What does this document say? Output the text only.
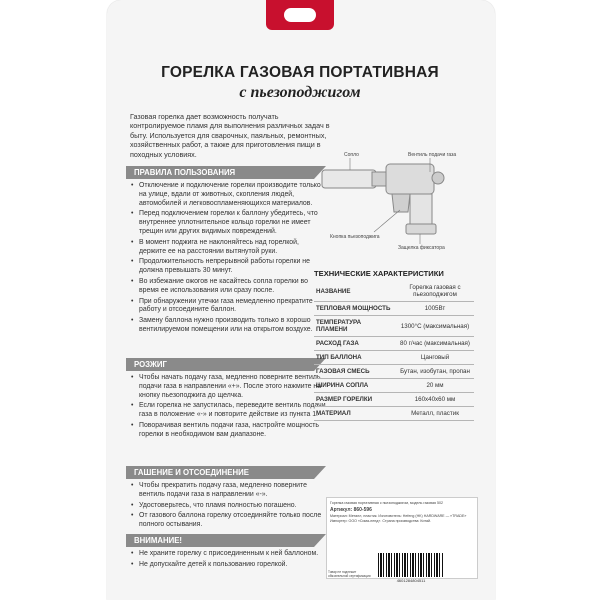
ГОРЕЛКА ГАЗОВАЯ ПОРТАТИВНАЯ
с пьезоподжигом
Газовая горелка дает возможность получать контролируемое пламя для выполнения различных задач в быту. Используется для сварочных, паяльных, ремонтных, хозяйственных работ, а также для приготовления пищи в походных условиях.	Сопло	Вентиль подачи газа
Кнопка пьезоподжига
Защелка фиксатора
ПРАВИЛА ПОЛЬЗОВАНИЯ
• Отключение и подключение горелки производите только на улице, вдали от животных, скопления людей, автомобилей и легковоспламеняющихся материалов.
• Перед подключением горелки к баллону убедитесь, что внутреннее уплотнительное кольцо горелки не имеет трещин или других видимых повреждений.
• В момент поджига не наклоняйтесь над горелкой, держите ее на расстоянии вытянутой руки.
• Продолжительность непрерывной работы горелки не должна превышать 30 минут.
• Во избежание ожогов не касайтесь сопла горелки во время ее использования или сразу после.
• При обнаружении утечки газа немедленно прекратите работу и отсоедините баллон.
• Замену баллона нужно производить только в хорошо вентилируемом помещении или на открытом воздухе.
РОЗЖИГ
• Чтобы начать подачу газа, медленно поверните вентиль подачи газа в направлении «+». После этого нажмите на кнопку пьезоподжига до щелчка.
• Если горелка не запустилась, переведите вентиль подачи газа в положение «-» и повторите действие из пункта 1.
• Поворачивая вентиль подачи газа, настройте мощность горелки в необходимом вам диапазоне.
ГАШЕНИЕ И ОТСОЕДИНЕНИЕ
• Чтобы прекратить подачу газа, медленно поверните вентиль подачи газа в направлении «-».
• Удостоверьтесь, что пламя полностью погашено.
• От газового баллона горелку отсоединяйте только после полного остывания.
ВНИМАНИЕ!
• Не храните горелку с присоединенным к ней баллоном.
• Не допускайте детей к пользованию горелкой.
ТЕХНИЧЕСКИЕ ХАРАКТЕРИСТИКИ
НАЗВАНИЕ	Горелка газовая с пьезоподжигом
ТЕПЛОВАЯ МОЩНОСТЬ	1005Вт
ТЕМПЕРАТУРА ПЛАМЕНИ	1300°C (максимальная)
РАСХОД ГАЗА	80 г/час (максимальная)
ТИП БАЛЛОНА	Цанговый
ГАЗОВАЯ СМЕСЬ	Бутан, изобутан, пропан
ШИРИНА СОПЛА	20 мм
РАЗМЕР ГОРЕЛКИ	160x40x60 мм
МАТЕРИАЛ	Металл, пластик
Горелка газовая портативная с пьезоподжигом, модель газовая 502
Артикул: 860-596
Материал: Металл, пластик. Изготовитель: Hefeng (HK) HARDWARE — «TRADE» Импортер: ООО «Сима-ленд». Страна производства: Китай.
Товар не подлежит обязательной сертификации
4601284804511
